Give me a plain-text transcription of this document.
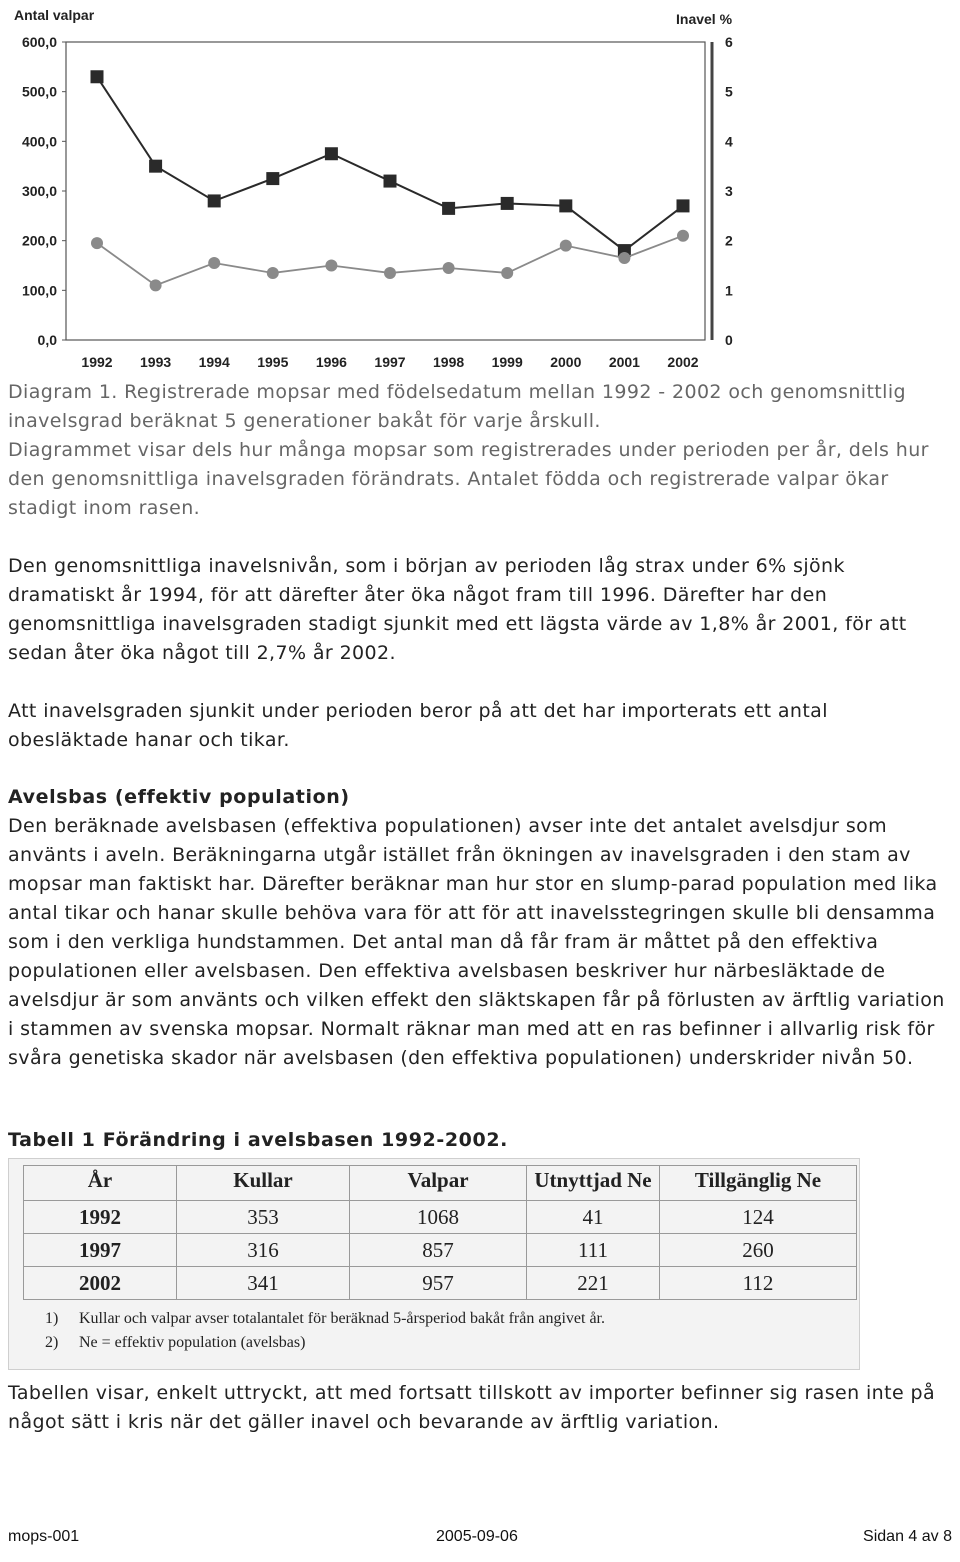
Antal valpar	Inavel %
600,0
500,0
400,0
300,0
200,0
100,0
0,0
6
5
4
3
2
1
0
1992 1993 1994 1995 1996 1997 1998 1999 2000 2001 2002

Diagram 1. Registrerade mopsar med födelsedatum mellan 1992 - 2002 och genomsnittlig inavelsgrad beräknat 5 generationer bakåt för varje årskull.

Diagrammet visar dels hur många mopsar som registrerades under perioden per år, dels hur den genomsnittliga inavelsgraden förändrats. Antalet födda och registrerade valpar ökar stadigt inom rasen.

Den genomsnittliga inavelsnivån, som i början av perioden låg strax under 6% sjönk dramatiskt år 1994, för att därefter åter öka något fram till 1996. Därefter har den genomsnittliga inavelsgraden stadigt sjunkit med ett lägsta värde av 1,8% år 2001, för att sedan åter öka något till 2,7% år 2002.

Att inavelsgraden sjunkit under perioden beror på att det har importerats ett antal obesläktade hanar och tikar.

Avelsbas (effektiv population)

Den beräknade avelsbasen (effektiva populationen) avser inte det antalet avelsdjur som använts i aveln. Beräkningarna utgår istället från ökningen av inavelsgraden i den stam av mopsar man faktiskt har. Därefter beräknar man hur stor en slump-parad population med lika antal tikar och hanar skulle behöva vara för att för att inavelsstegringen skulle bli densamma som i den verkliga hundstammen. Det antal man då får fram är måttet på den effektiva populationen eller avelsbasen. Den effektiva avelsbasen beskriver hur närbesläktade de avelsdjur är som använts och vilken effekt den släktskapen får på förlusten av ärftlig variation i stammen av svenska mopsar. Normalt räknar man med att en ras befinner i allvarlig risk för svåra genetiska skador när avelsbasen (den effektiva populationen) underskrider nivån 50.

Tabell 1 Förändring i avelsbasen 1992-2002.

År	Kullar	Valpar	Utnyttjad Ne	Tillgänglig Ne
1992	353	1068	41	124
1997	316	857	111	260
2002	341	957	221	112
1) Kullar och valpar avser totalantalet för beräknad 5-årsperiod bakåt från angivet år.
2) Ne = effektiv population (avelsbas)

Tabellen visar, enkelt uttryckt, att med fortsatt tillskott av importer befinner sig rasen inte på något sätt i kris när det gäller inavel och bevarande av ärftlig variation.

mops-001	2005-09-06	Sidan 4 av 8
